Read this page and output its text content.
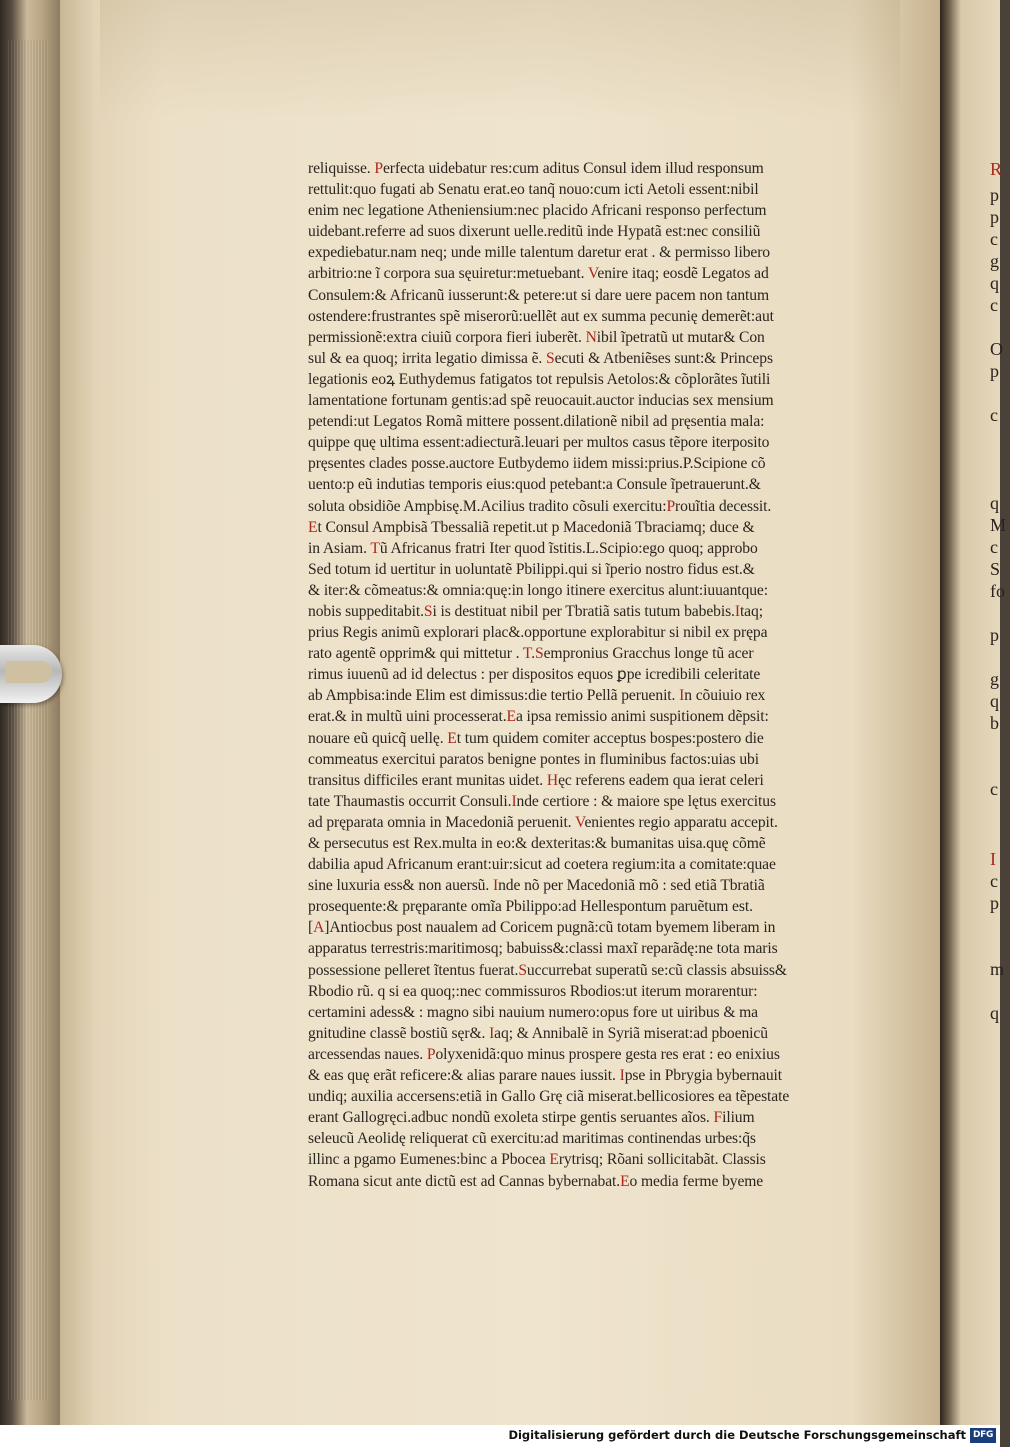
R
p
p
c
g
q
c
O
p
c
q
M
c
S
fo
p
g
q
b
c
I
c
p
m
q
reliquisse. Perfecta uidebatur res:cum aditus Consul idem illud responsum
rettulit:quo fugati ab Senatu erat.eo tanq̃ nouo:cum icti Aetoli essent:nibil
enim nec legatione Atheniensium:nec placido Africani responso perfectum
uidebant.referre ad suos dixerunt uelle.reditũ inde Hypatã est:nec consiliũ
expediebatur.nam neq; unde mille talentum daretur erat . & permisso libero
arbitrio:ne ĩ corpora sua sęuiretur:metuebant. Venire itaq; eosdẽ Legatos ad
Consulem:& Africanũ iusserunt:& petere:ut si dare uere pacem non tantum
ostendere:frustrantes spẽ miserorũ:uellẽt aut ex summa pecunię demerẽt:aut
permissionẽ:extra ciuiũ corpora fieri iuberẽt. Nibil ĩpetratũ ut mutar& Con
sul & ea quoq; irrita legatio dimissa ẽ. Secuti & Atbeniẽses sunt:& Princeps
legationis eoꝝ Euthydemus fatigatos tot repulsis Aetolos:& cõplorãtes ĩutili
lamentatione fortunam gentis:ad spẽ reuocauit.auctor inducias sex mensium
petendi:ut Legatos Romã mittere possent.dilationẽ nibil ad pręsentia mala:
quippe quę ultima essent:adiecturã.leuari per multos casus tẽpore iterposito
pręsentes clades posse.auctore Eutbydemo iidem missi:prius.P.Scipione cõ
uento:p eũ indutias temporis eius:quod petebant:a Consule ĩpetrauerunt.&
soluta obsidiõe Ampbisę.M.Acilius tradito cõsuli exercitu:Prouĩtia decessit.
Et Consul Ampbisã Tbessaliã repetit.ut p Macedoniã Tbraciamq; duce &
in Asiam. Tũ Africanus fratri Iter quod ĩstitis.L.Scipio:ego quoq; approbo
Sed totum id uertitur in uoluntatẽ Pbilippi.qui si ĩperio nostro fidus est.&
& iter:& cõmeatus:& omnia:quę:in longo itinere exercitus alunt:iuuantque:
nobis suppeditabit.Si is destituat nibil per Tbratiã satis tutum babebis.Itaq;
prius Regis animũ explorari plac&.opportune explorabitur si nibil ex prępa
rato agentẽ opprim& qui mittetur . T.Sempronius Gracchus longe tũ acer
rimus iuuenũ ad id delectus : per dispositos equos ꝑpe icredibili celeritate
ab Ampbisa:inde Elim est dimissus:die tertio Pellã peruenit. In cõuiuio rex
erat.& in multũ uini processerat.Ea ipsa remissio animi suspitionem dẽpsit:
nouare eũ quicq̃ uellę. Et tum quidem comiter acceptus bospes:postero die
commeatus exercitui paratos benigne pontes in fluminibus factos:uias ubi
transitus difficiles erant munitas uidet. Hęc referens eadem qua ierat celeri
tate Thaumastis occurrit Consuli.Inde certiore : & maiore spe lętus exercitus
ad pręparata omnia in Macedoniã peruenit. Venientes regio apparatu accepit.
& persecutus est Rex.multa in eo:& dexteritas:& bumanitas uisa.quę cõmẽ
dabilia apud Africanum erant:uir:sicut ad coetera regium:ita a comitate:quae
sine luxuria ess& non auersũ. Inde nõ per Macedoniã mõ : sed etiã Tbratiã
prosequente:& pręparante omĩa Pbilippo:ad Hellespontum paruẽtum est.
[A]Antiocbus post naualem ad Coricem pugnã:cũ totam byemem liberam in
apparatus terrestris:maritimosq; babuiss&:classi maxĩ reparãdę:ne tota maris
possessione pelleret ĩtentus fuerat.Succurrebat superatũ se:cũ classis absuiss&
Rbodio rũ. q si ea quoq;:nec commissuros Rbodios:ut iterum morarentur:
certamini adess& : magno sibi nauium numero:opus fore ut uiribus & ma
gnitudine classẽ bostiũ sęr&. Iaq; & Annibalẽ in Syriã miserat:ad pboenicũ
arcessendas naues. Polyxenidã:quo minus prospere gesta res erat : eo enixius
& eas quę erãt reficere:& alias parare naues iussit. Ipse in Pbrygia bybernauit
undiq; auxilia accersens:etiã in Gallo Grę ciã miserat.bellicosiores ea tẽpestate
erant Gallogręci.adbuc nondũ exoleta stirpe gentis seruantes aĩos. Filium
seleucũ Aeolidę reliquerat cũ exercitu:ad maritimas continendas urbes:q̃s
illinc a pgamo Eumenes:binc a Pbocea Erytrisq; Rõani sollicitabãt. Classis
Romana sicut ante dictũ est ad Cannas bybernabat.Eo media ferme byeme
Digitalisierung gefördert durch die Deutsche Forschungsgemeinschaft DFG
